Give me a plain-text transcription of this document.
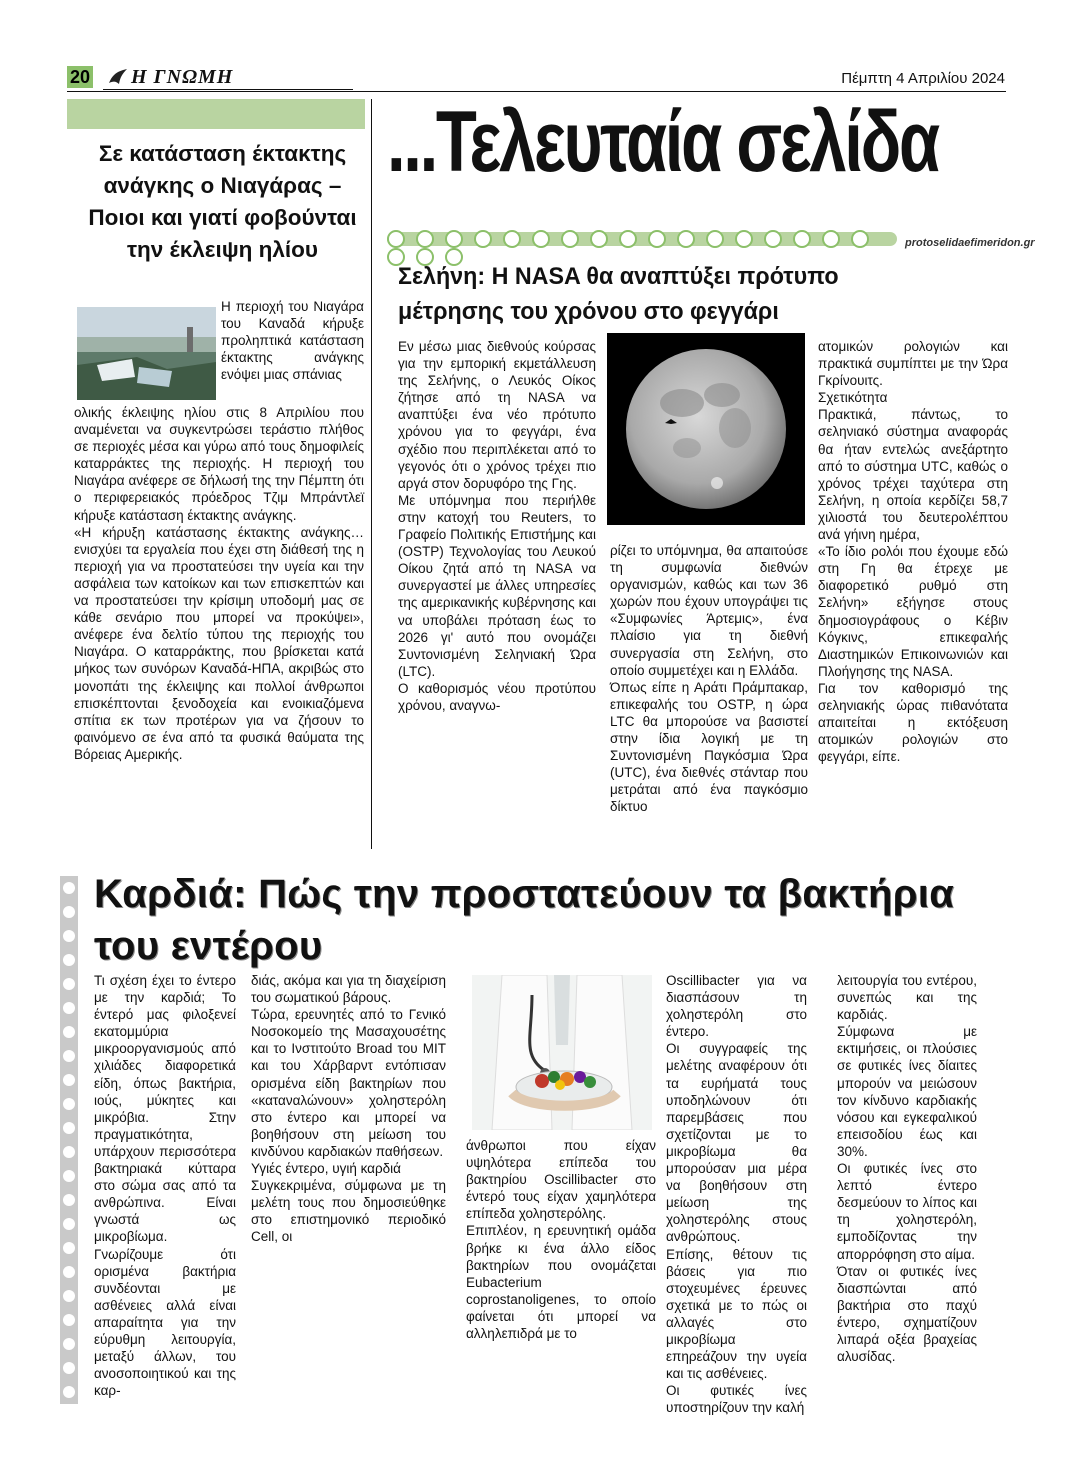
20 Η ΓΝΩΜΗ	Πέμπτη 4 Απριλίου 2024
...Τελευταία σελίδα
protoselidaefimeridon.gr
Σε κατάσταση έκτακτης ανάγκης ο Νιαγάρας – Ποιοι και γιατί φοβούνται την έκλειψη ηλίου

Η περιοχή του Νιαγάρα του Καναδά κήρυξε προληπτικά κατάσταση έκτακτης ανάγκης ενόψει μιας σπάνιας

ολικής έκλειψης ηλίου στις 8 Απριλίου που αναμένεται να συγκεντρώσει τεράστιο πλήθος σε περιοχές μέσα και γύρω από τους δημοφιλείς καταρράκτες της περιοχής. Η περιοχή του Νιαγάρα ανέφερε σε δήλωσή της την Πέμπτη ότι ο περιφερειακός πρόεδρος Τζιμ Μπράντλεϊ κήρυξε κατάσταση έκτακτης ανάγκης.

«Η κήρυξη κατάστασης έκτακτης ανάγκης… ενισχύει τα εργαλεία που έχει στη διάθεσή της η περιοχή για να προστατεύσει την υγεία και την ασφάλεια των κατοίκων και των επισκεπτών και να προστατεύσει την κρίσιμη υποδομή μας σε κάθε σενάριο που μπορεί να προκύψει», ανέφερε ένα δελτίο τύπου της περιοχής του Νιαγάρα. Ο καταρράκτης, που βρίσκεται κατά μήκος των συνόρων Καναδά-ΗΠΑ, ακριβώς στο μονοπάτι της έκλειψης και πολλοί άνθρωποι επισκέπτονται ξενοδοχεία και ενοικιαζόμενα σπίτια εκ των προτέρων για να ζήσουν το φαινόμενο σε ένα από τα φυσικά θαύματα της Βόρειας Αμερικής.

Σελήνη: Η NASA θα αναπτύξει πρότυπο μέτρησης του χρόνου στο φεγγάρι

Εν μέσω μιας διεθνούς κούρσας για την εμπορική εκμετάλλευση της Σελήνης, ο Λευκός Οίκος ζήτησε από τη NASA να αναπτύξει ένα νέο πρότυπο χρόνου για το φεγγάρι, ένα σχέδιο που περιπλέκεται από το γεγονός ότι ο χρόνος τρέχει πιο αργά στον δορυφόρο της Γης.

Με υπόμνημα που περιήλθε στην κατοχή του Reuters, το Γραφείο Πολιτικής Επιστήμης και (OSTP) Τεχνολογίας του Λευκού Οίκου ζητά από τη NASA να συνεργαστεί με άλλες υπηρεσίες της αμερικανικής κυβέρνησης και να υποβάλει πρόταση έως το 2026 γι' αυτό που ονομάζει Συντονισμένη Σεληνιακή Ώρα (LTC).

Ο καθορισμός νέου προτύπου χρόνου, αναγνω-

ρίζει το υπόμνημα, θα απαιτούσε τη συμφωνία διεθνών οργανισμών, καθώς και των 36 χωρών που έχουν υπογράψει τις «Συμφωνίες Άρτεμις», ένα πλαίσιο για τη διεθνή συνεργασία στη Σελήνη, στο οποίο συμμετέχει και η Ελλάδα.

Όπως είπε η Αράτι Πράμπακαρ, επικεφαλής του OSTP, η ώρα LTC θα μπορούσε να βασιστεί στην ίδια λογική με τη Συντονισμένη Παγκόσμια Ώρα (UTC), ένα διεθνές στάνταρ που μετράται από ένα παγκόσμιο δίκτυο

ατομικών ρολογιών και πρακτικά συμπίπτει με την Ώρα Γκρίνουιτς.

Σχετικότητα

Πρακτικά, πάντως, το σεληνιακό σύστημα αναφοράς θα ήταν εντελώς ανεξάρτητο από το σύστημα UTC, καθώς ο χρόνος τρέχει ταχύτερα στη Σελήνη, η οποία κερδίζει 58,7 χιλιοστά του δευτερολέπτου ανά γήινη ημέρα,

«Το ίδιο ρολόι που έχουμε εδώ στη Γη θα έτρεχε με διαφορετικό ρυθμό στη Σελήνη» εξήγησε στους δημοσιογράφους ο Κέβιν Κόγκινς, επικεφαλής Διαστημικών Επικοινωνιών και Πλοήγησης της NASA.

Για τον καθορισμό της σεληνιακής ώρας πιθανότατα απαιτείται η εκτόξευση ατομικών ρολογιών στο φεγγάρι, είπε.

Καρδιά: Πώς την προστατεύουν τα βακτήρια του εντέρου

Τι σχέση έχει το έντερο με την καρδιά; Το έντερό μας φιλοξενεί εκατομμύρια μικροοργανισμούς από χιλιάδες διαφορετικά είδη, όπως βακτήρια, ιούς, μύκητες και μικρόβια. Στην πραγματικότητα, υπάρχουν περισσότερα βακτηριακά κύτταρα στο σώμα σας από τα ανθρώπινα. Είναι γνωστά ως μικροβίωμα.

Γνωρίζουμε ότι ορισμένα βακτήρια συνδέονται με ασθένειες αλλά είναι απαραίτητα για την εύρυθμη λειτουργία, μεταξύ άλλων, του ανοσοποιητικού και της καρ-

διάς, ακόμα και για τη διαχείριση του σωματικού βάρους.

Τώρα, ερευνητές από το Γενικό Νοσοκομείο της Μασαχουσέτης και το Ινστιτούτο Broad του MIT και του Χάρβαρντ εντόπισαν ορισμένα είδη βακτηρίων που «καταναλώνουν» χοληστερόλη στο έντερο και μπορεί να βοηθήσουν στη μείωση του κινδύνου καρδιακών παθήσεων.

Υγιές έντερο, υγιή καρδιά

Συγκεκριμένα, σύμφωνα με τη μελέτη τους που δημοσιεύθηκε στο επιστημονικό περιοδικό Cell, οι

άνθρωποι που είχαν υψηλότερα επίπεδα του βακτηρίου Oscillibacter στο έντερό τους είχαν χαμηλότερα επίπεδα χοληστερόλης.

Επιπλέον, η ερευνητική ομάδα βρήκε κι ένα άλλο είδος βακτηρίων που ονομάζεται Eubacterium coprostanoligenes, το οποίο φαίνεται ότι μπορεί να αλληλεπιδρά με το

Oscillibacter για να διασπάσουν τη χοληστερόλη στο έντερο.

Οι συγγραφείς της μελέτης αναφέρουν ότι τα ευρήματά τους υποδηλώνουν ότι παρεμβάσεις που σχετίζονται με το μικροβίωμα θα μπορούσαν μια μέρα να βοηθήσουν στη μείωση της χοληστερόλης στους ανθρώπους.

Επίσης, θέτουν τις βάσεις για πιο στοχευμένες έρευνες σχετικά με το πώς οι αλλαγές στο μικροβίωμα επηρεάζουν την υγεία και τις ασθένειες.

Οι φυτικές ίνες υποστηρίζουν την καλή

λειτουργία του εντέρου, συνεπώς και της καρδιάς.

Σύμφωνα με εκτιμήσεις, οι πλούσιες σε φυτικές ίνες δίαιτες μπορούν να μειώσουν τον κίνδυνο καρδιακής νόσου και εγκεφαλικού επεισοδίου έως και 30%.

Οι φυτικές ίνες στο λεπτό έντερο δεσμεύουν το λίπος και τη χοληστερόλη, εμποδίζοντας την απορρόφηση στο αίμα.

Όταν οι φυτικές ίνες διασπώνται από βακτήρια στο παχύ έντερο, σχηματίζουν λιπαρά οξέα βραχείας αλυσίδας.
